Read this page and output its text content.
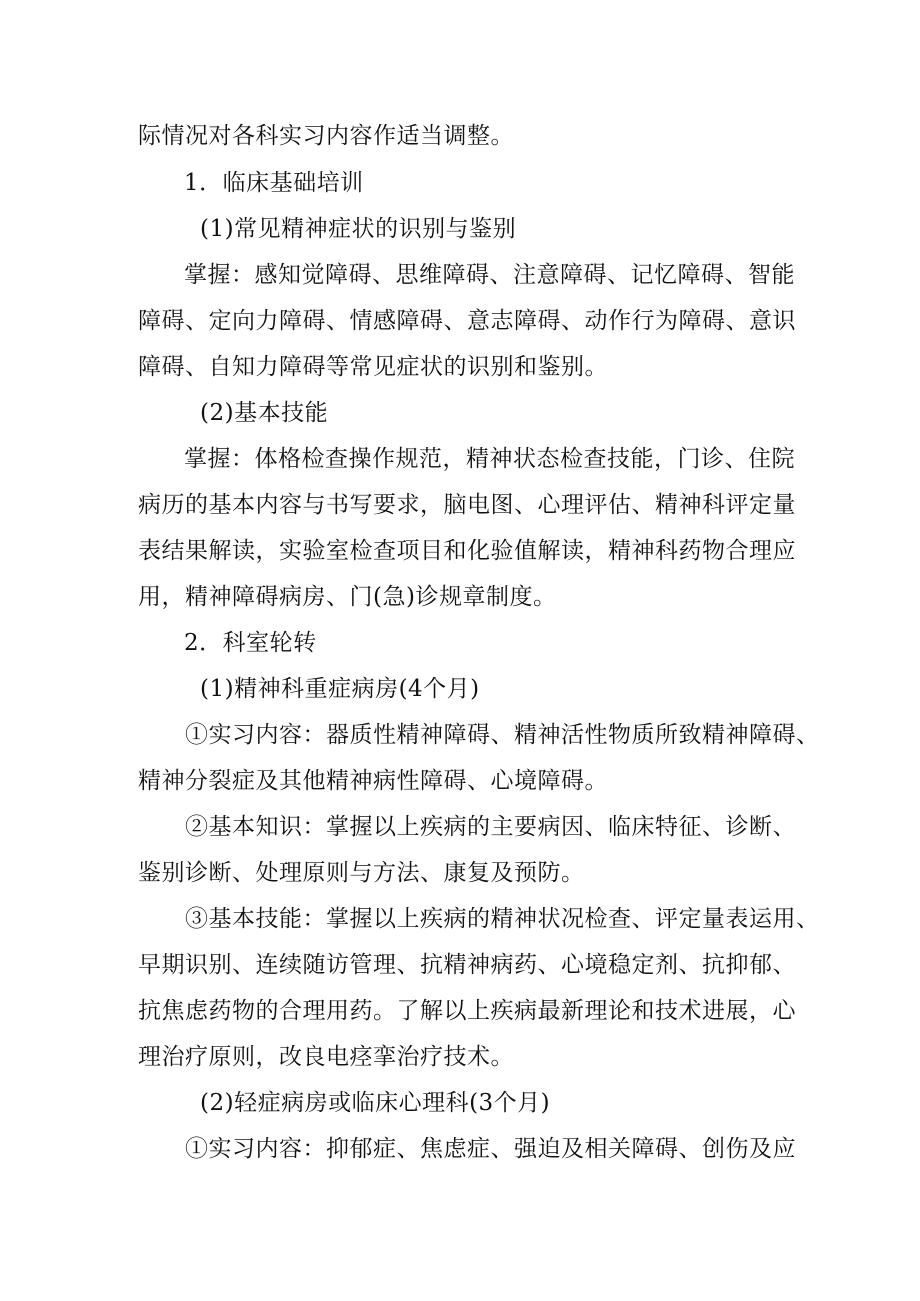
际情况对各科实习内容作适当调整。
1．临床基础培训
(1)常见精神症状的识别与鉴别
掌握：感知觉障碍、思维障碍、注意障碍、记忆障碍、智能
障碍、定向力障碍、情感障碍、意志障碍、动作行为障碍、意识
障碍、自知力障碍等常见症状的识别和鉴别。
(2)基本技能
掌握：体格检查操作规范，精神状态检查技能，门诊、住院
病历的基本内容与书写要求，脑电图、心理评估、精神科评定量
表结果解读，实验室检查项目和化验值解读，精神科药物合理应
用，精神障碍病房、门(急)诊规章制度。
2．科室轮转
(1)精神科重症病房(4个月)
①实习内容：器质性精神障碍、精神活性物质所致精神障碍、
精神分裂症及其他精神病性障碍、心境障碍。
②基本知识：掌握以上疾病的主要病因、临床特征、诊断、
鉴别诊断、处理原则与方法、康复及预防。
③基本技能：掌握以上疾病的精神状况检查、评定量表运用、
早期识别、连续随访管理、抗精神病药、心境稳定剂、抗抑郁、
抗焦虑药物的合理用药。了解以上疾病最新理论和技术进展，心
理治疗原则，改良电痉挛治疗技术。
(2)轻症病房或临床心理科(3个月)
①实习内容：抑郁症、焦虑症、强迫及相关障碍、创伤及应
